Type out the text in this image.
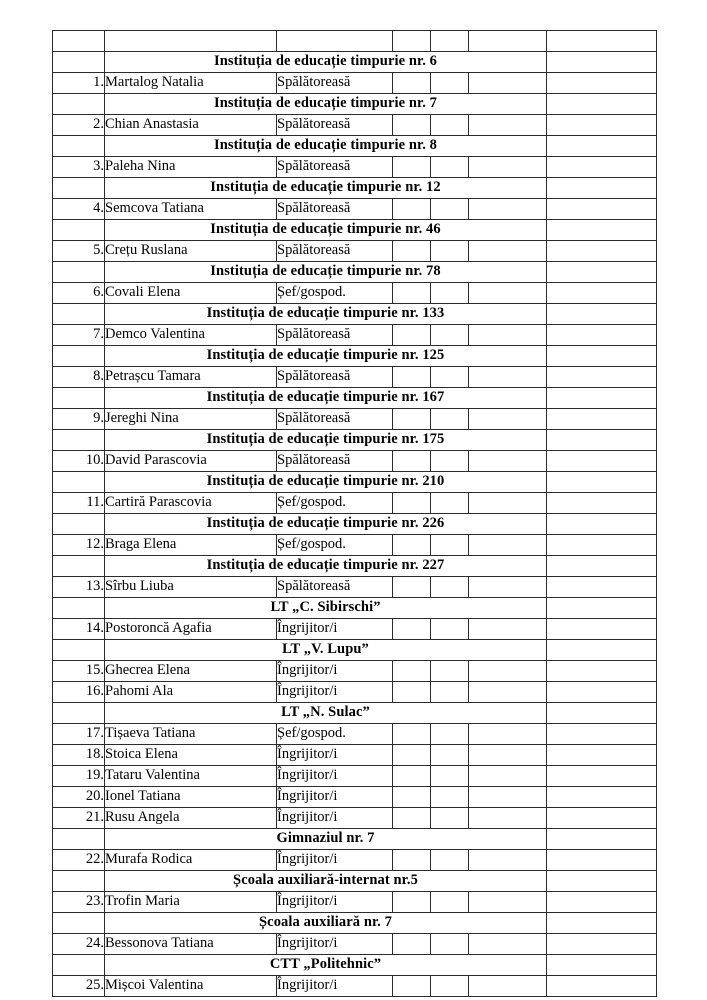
	Instituția de educație timpurie nr. 6					
1.	Martalog Natalia	Spălătoreasă				
	Instituția de educație timpurie nr. 7					
2.	Chian Anastasia	Spălătoreasă				
	Instituția de educație timpurie nr. 8					
3.	Paleha Nina	Spălătoreasă				
	Instituția de educație timpurie nr. 12					
4.	Semcova Tatiana	Spălătoreasă				
	Instituția de educație timpurie nr. 46					
5.	Crețu Ruslana	Spălătoreasă				
	Instituția de educație timpurie nr. 78					
6.	Covali Elena	Șef/gospod.				
	Instituția de educație timpurie nr. 133					
7.	Demco Valentina	Spălătoreasă				
	Instituția de educație timpurie nr. 125					
8.	Petrașcu Tamara	Spălătoreasă				
	Instituția de educație timpurie nr. 167					
9.	Jereghi Nina	Spălătoreasă				
	Instituția de educație timpurie nr. 175					
10.	David Parascovia	Spălătoreasă				
	Instituția de educație timpurie nr. 210					
11.	Cartiră Parascovia	Șef/gospod.				
	Instituția de educație timpurie nr. 226					
12.	Braga Elena	Șef/gospod.				
	Instituția de educație timpurie nr. 227					
13.	Sîrbu Liuba	Spălătoreasă				
	LT „C. Sibirschi”					
14.	Postoroncă Agafia	Îngrijitor/i				
	LT „V. Lupu”					
15.	Ghecrea Elena	Îngrijitor/i				
16.	Pahomi Ala	Îngrijitor/i				
	LT „N. Sulac”					
17.	Tișaeva Tatiana	Șef/gospod.				
18.	Stoica Elena	Îngrijitor/i				
19.	Tataru Valentina	Îngrijitor/i				
20.	Ionel Tatiana	Îngrijitor/i				
21.	Rusu Angela	Îngrijitor/i				
	Gimnaziul nr. 7					
22.	Murafa Rodica	Îngrijitor/i				
	Școala auxiliară-internat nr.5					
23.	Trofin Maria	Îngrijitor/i				
	Școala auxiliară nr. 7					
24.	Bessonova Tatiana	Îngrijitor/i				
	CTT „Politehnic”					
25.	Mișcoi Valentina	Îngrijitor/i				
